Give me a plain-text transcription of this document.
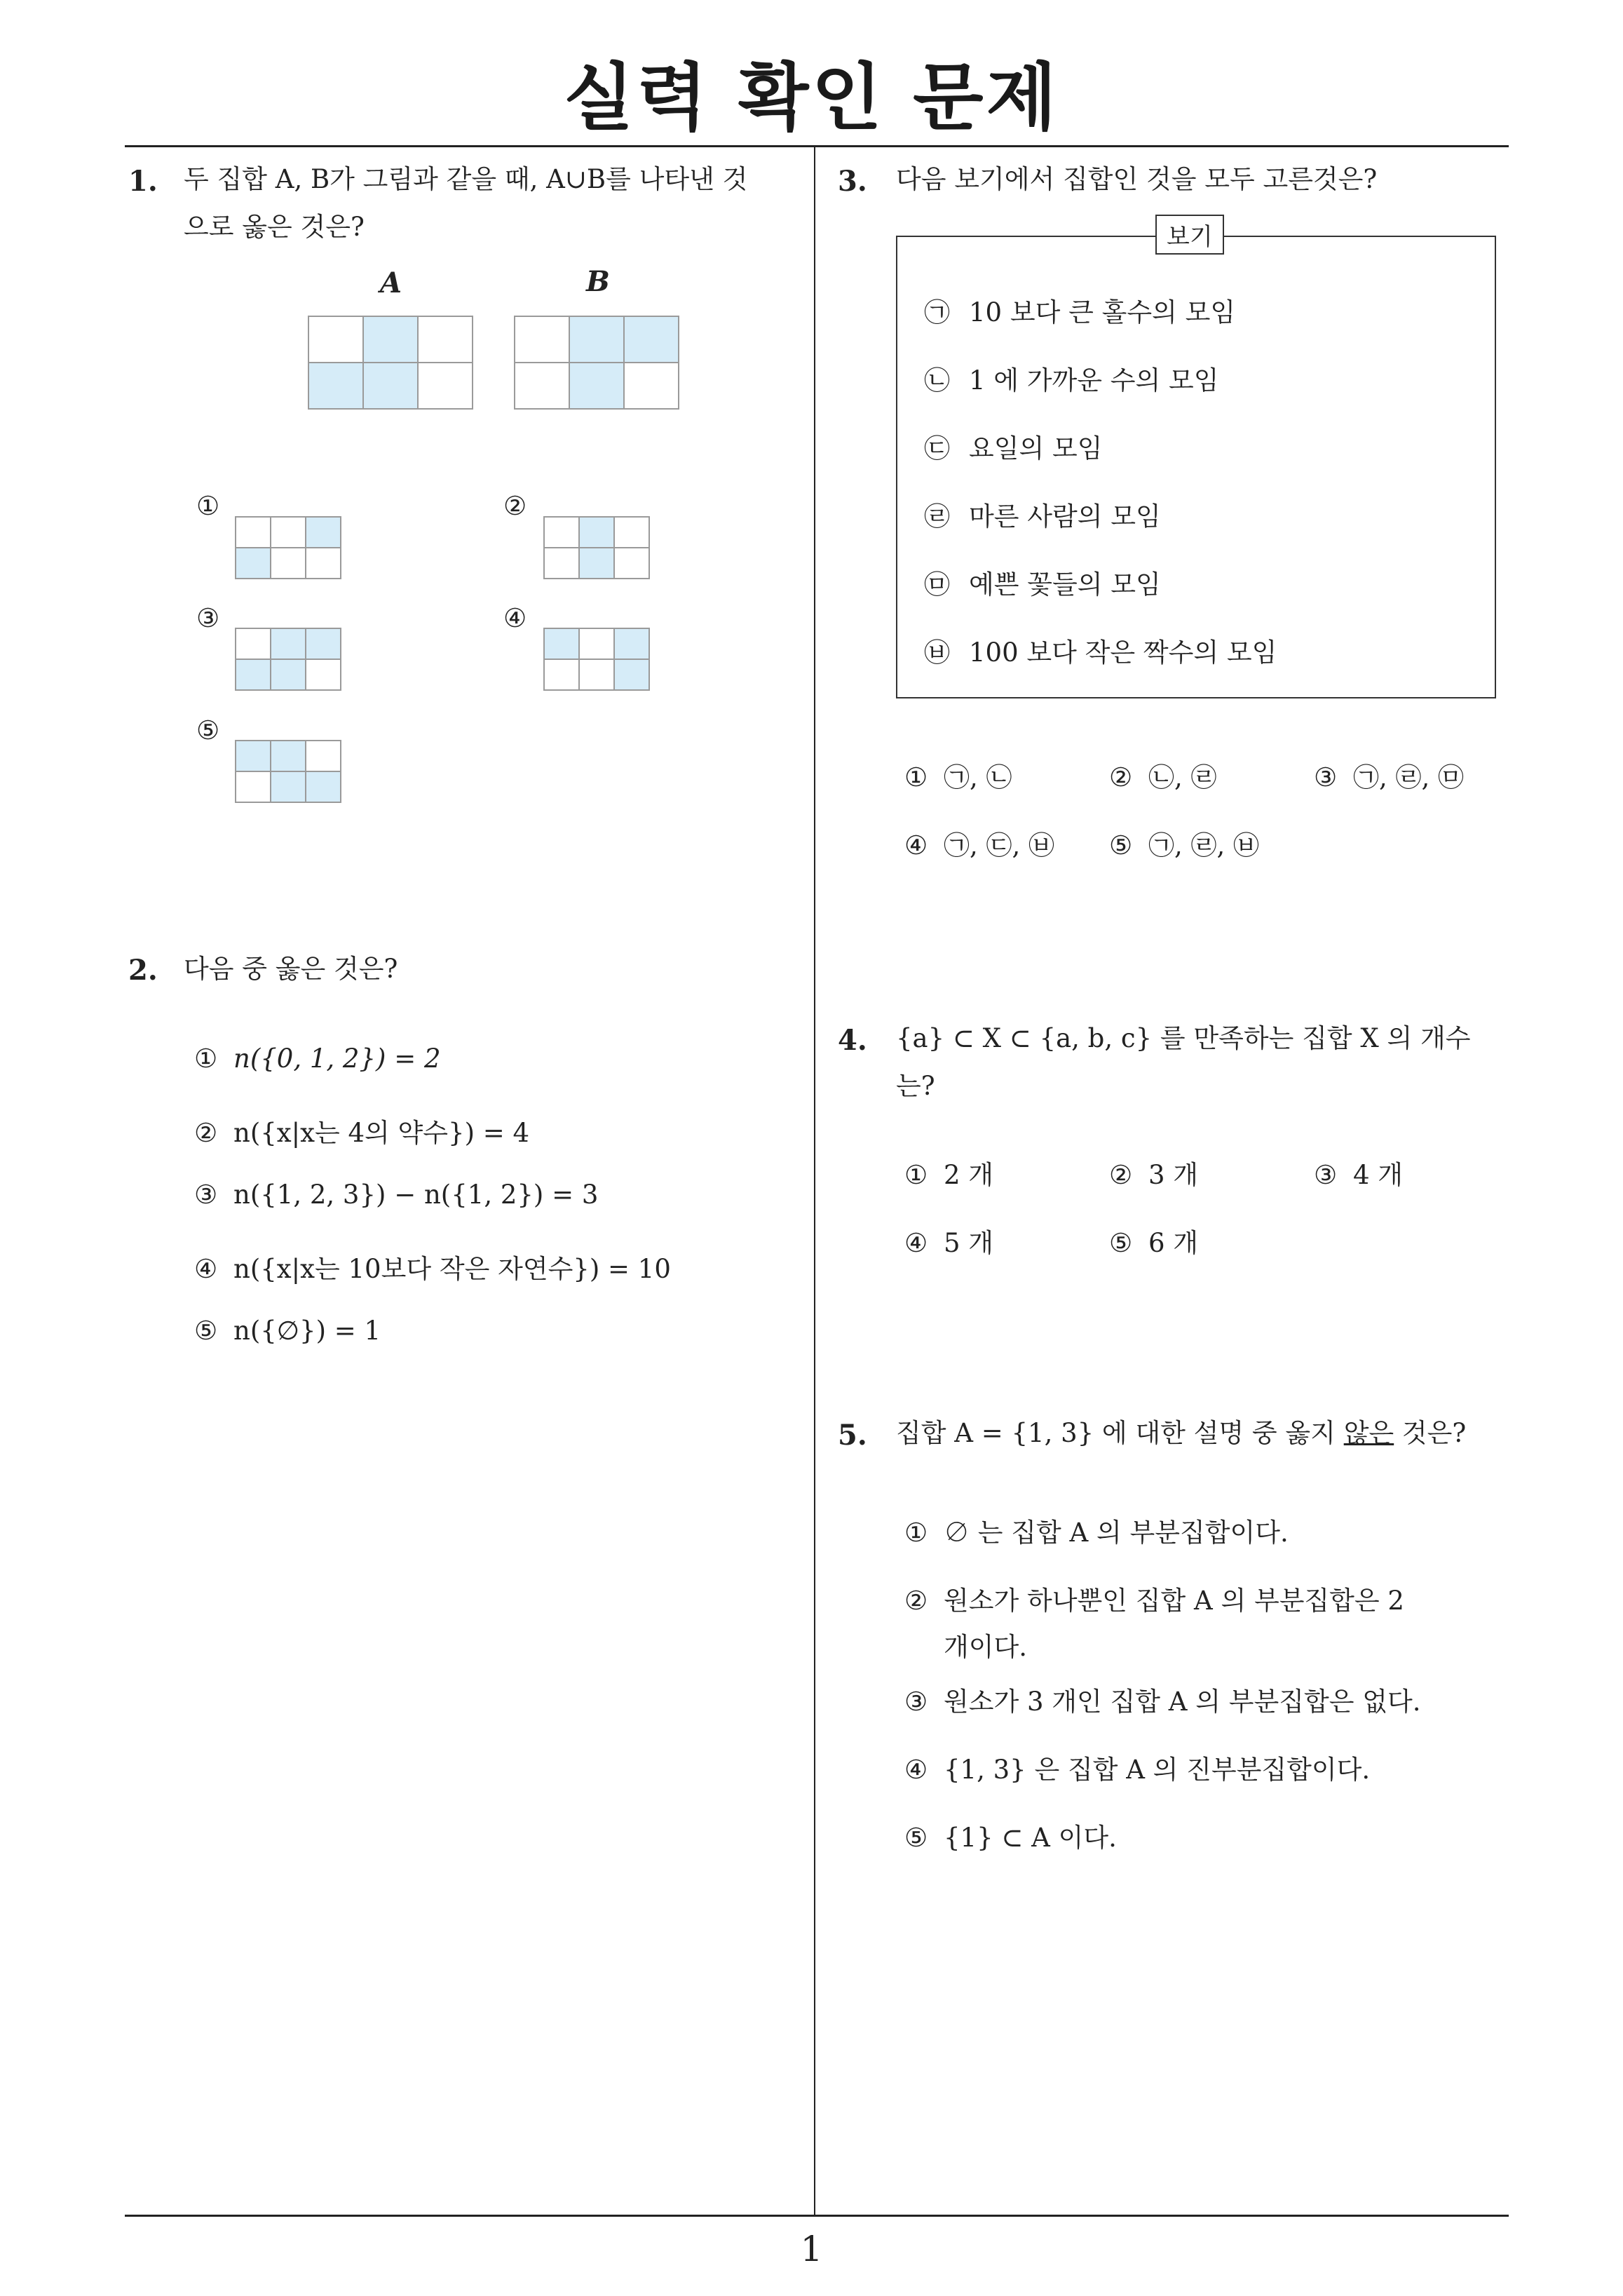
실력 확인 문제
1
1. 두 집합 A, B가 그림과 같을 때, A∪B를 나타낸 것
으로 옳은 것은?
A	B

①

			②

③

			④

⑤

2. 다음 중 옳은 것은?
① n({0, 1, 2}) = 2
② n({x|x는 4의 약수}) = 4
③ n({1, 2, 3}) − n({1, 2}) = 3
④ n({x|x는 10보다 작은 자연수}) = 10
⑤ n({∅}) = 1
3. 다음 보기에서 집합인 것을 모두 고른것은?
보기
㉠ 10 보다 큰 홀수의 모임
㉡ 1 에 가까운 수의 모임
㉢ 요일의 모임
㉣ 마른 사람의 모임
㉤ 예쁜 꽃들의 모임
㉥ 100 보다 작은 짝수의 모임
① ㉠, ㉡	② ㉡, ㉣	③ ㉠, ㉣, ㉤
④ ㉠, ㉢, ㉥ ⑤ ㉠, ㉣, ㉥
4. {a} ⊂ X ⊂ {a, b, c} 를 만족하는 집합 X 의 개수
는?
① 2 개	② 3 개	③ 4 개
④ 5 개	⑤ 6 개
5. 집합 A = {1, 3} 에 대한 설명 중 옳지 않은 것은?
① ∅ 는 집합 A 의 부분집합이다.
② 원소가 하나뿐인 집합 A 의 부분집합은 2
개이다.
③ 원소가 3 개인 집합 A 의 부분집합은 없다.
④ {1, 3} 은 집합 A 의 진부분집합이다.
⑤ {1} ⊂ A 이다.
